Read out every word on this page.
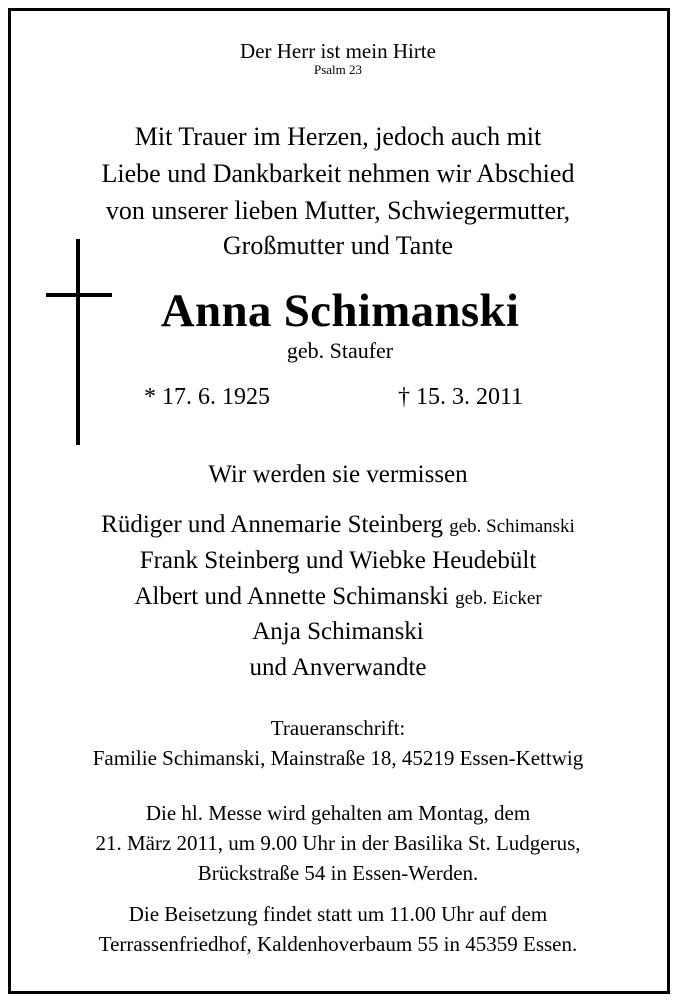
Der Herr ist mein Hirte
Psalm 23
Mit Trauer im Herzen, jedoch auch mit
Liebe und Dankbarkeit nehmen wir Abschied
von unserer lieben Mutter, Schwiegermutter,
Großmutter und Tante
Anna Schimanski
geb. Staufer
* 17. 6. 1925	† 15. 3. 2011
Wir werden sie vermissen
Rüdiger und Annemarie Steinberg geb. Schimanski
Frank Steinberg und Wiebke Heudebült
Albert und Annette Schimanski geb. Eicker
Anja Schimanski
und Anverwandte
Traueranschrift:
Familie Schimanski, Mainstraße 18, 45219 Essen-Kettwig
Die hl. Messe wird gehalten am Montag, dem
21. März 2011, um 9.00 Uhr in der Basilika St. Ludgerus,
Brückstraße 54 in Essen-Werden.
Die Beisetzung findet statt um 11.00 Uhr auf dem
Terrassenfriedhof, Kaldenhoverbaum 55 in 45359 Essen.
